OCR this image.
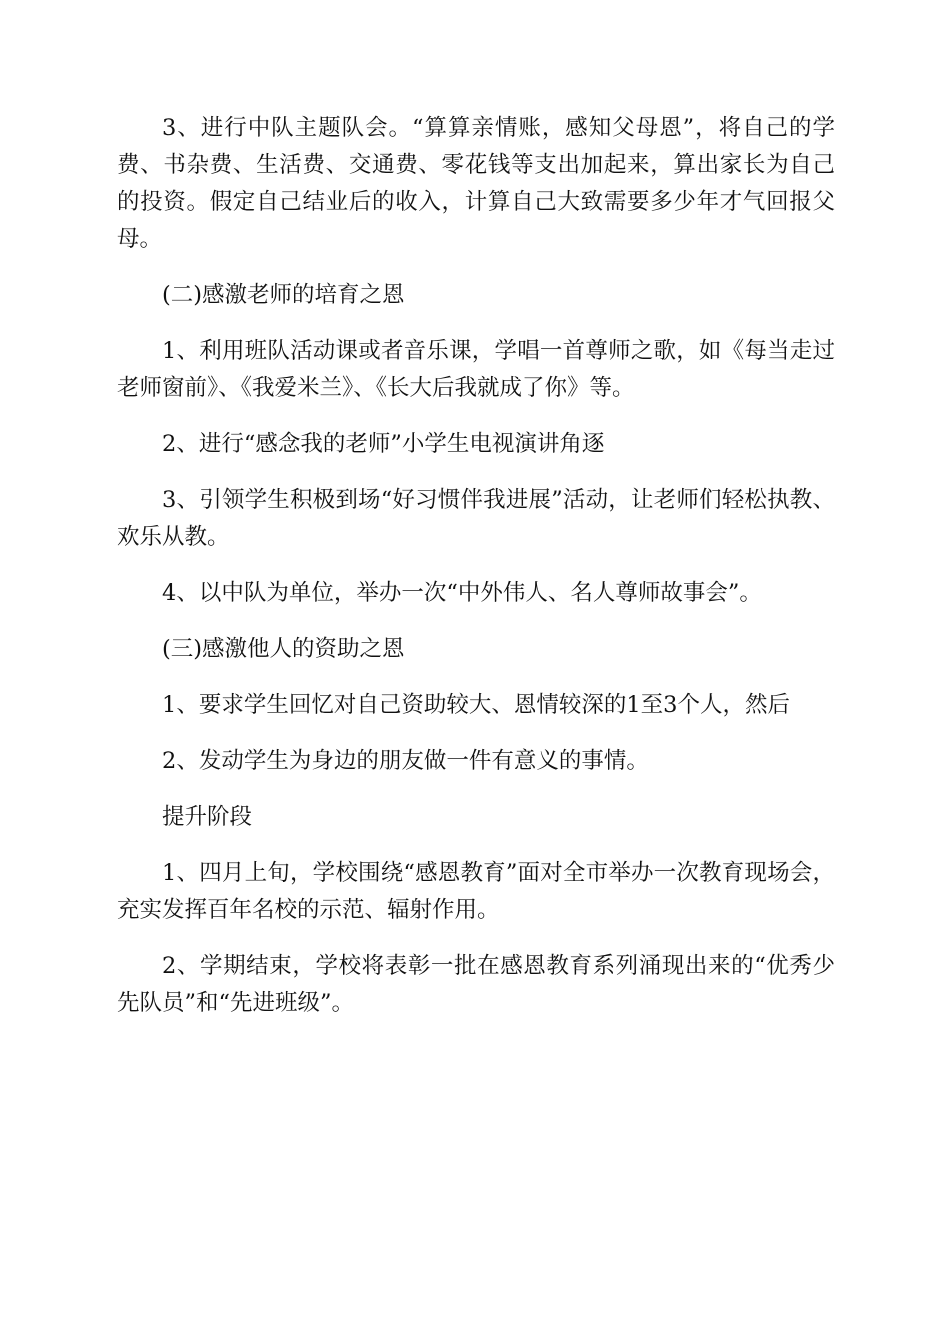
3、进行中队主题队会。“算算亲情账，感知父母恩”，将自己的学费、书杂费、生活费、交通费、零花钱等支出加起来，算出家长为自己的投资。假定自己结业后的收入，计算自己大致需要多少年才气回报父母。

(二)感激老师的培育之恩

1、利用班队活动课或者音乐课，学唱一首尊师之歌，如《每当走过老师窗前》、《我爱米兰》、《长大后我就成了你》等。

2、进行“感念我的老师”小学生电视演讲角逐

3、引领学生积极到场“好习惯伴我进展”活动，让老师们轻松执教、欢乐从教。

4、以中队为单位，举办一次“中外伟人、名人尊师故事会”。

(三)感激他人的资助之恩

1、要求学生回忆对自己资助较大、恩情较深的1至3个人，然后

2、发动学生为身边的朋友做一件有意义的事情。

提升阶段

1、四月上旬，学校围绕“感恩教育”面对全市举办一次教育现场会，充实发挥百年名校的示范、辐射作用。

2、学期结束，学校将表彰一批在感恩教育系列涌现出来的“优秀少先队员”和“先进班级”。
